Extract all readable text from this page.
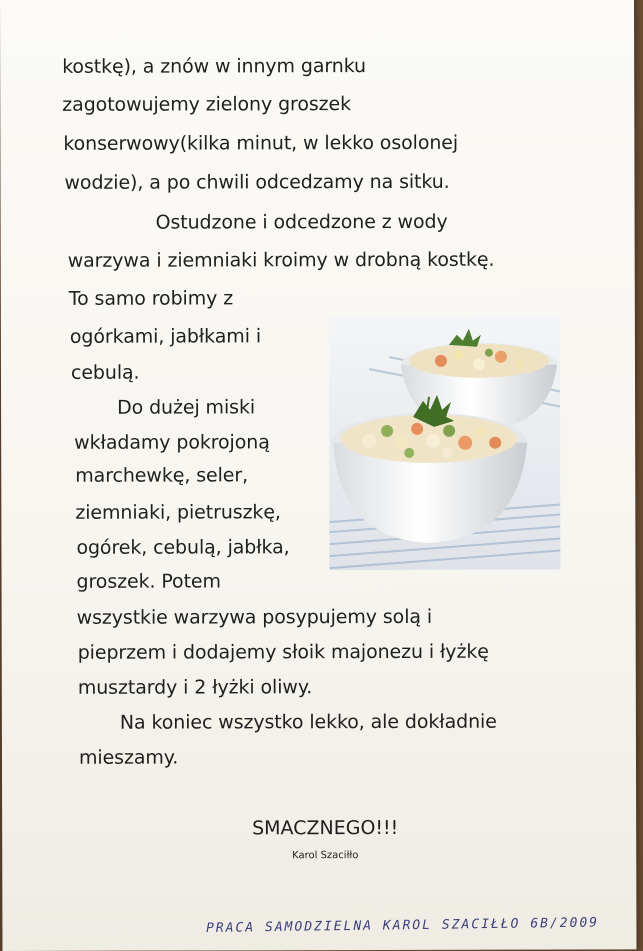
kostkę), a znów w innym garnku

zagotowujemy zielony groszek

konserwowy(kilka minut, w lekko osolonej

wodzie), a po chwili odcedzamy na sitku.

Ostudzone i odcedzone z wody

warzywa i ziemniaki kroimy w drobną kostkę.

To samo robimy z

ogórkami, jabłkami i

cebulą.

Do dużej miski

wkładamy pokrojoną

marchewkę, seler,

ziemniaki, pietruszkę,

ogórek, cebulą, jabłka,

groszek. Potem

wszystkie warzywa posypujemy solą i

pieprzem i dodajemy słoik majonezu i łyżkę

musztardy i 2 łyżki oliwy.

Na koniec wszystko lekko, ale dokładnie

mieszamy.

SMACZNEGO!!!

Karol Szaciłło

PRACA SAMODZIELNA KAROL SZACIŁŁO 6B/2009
